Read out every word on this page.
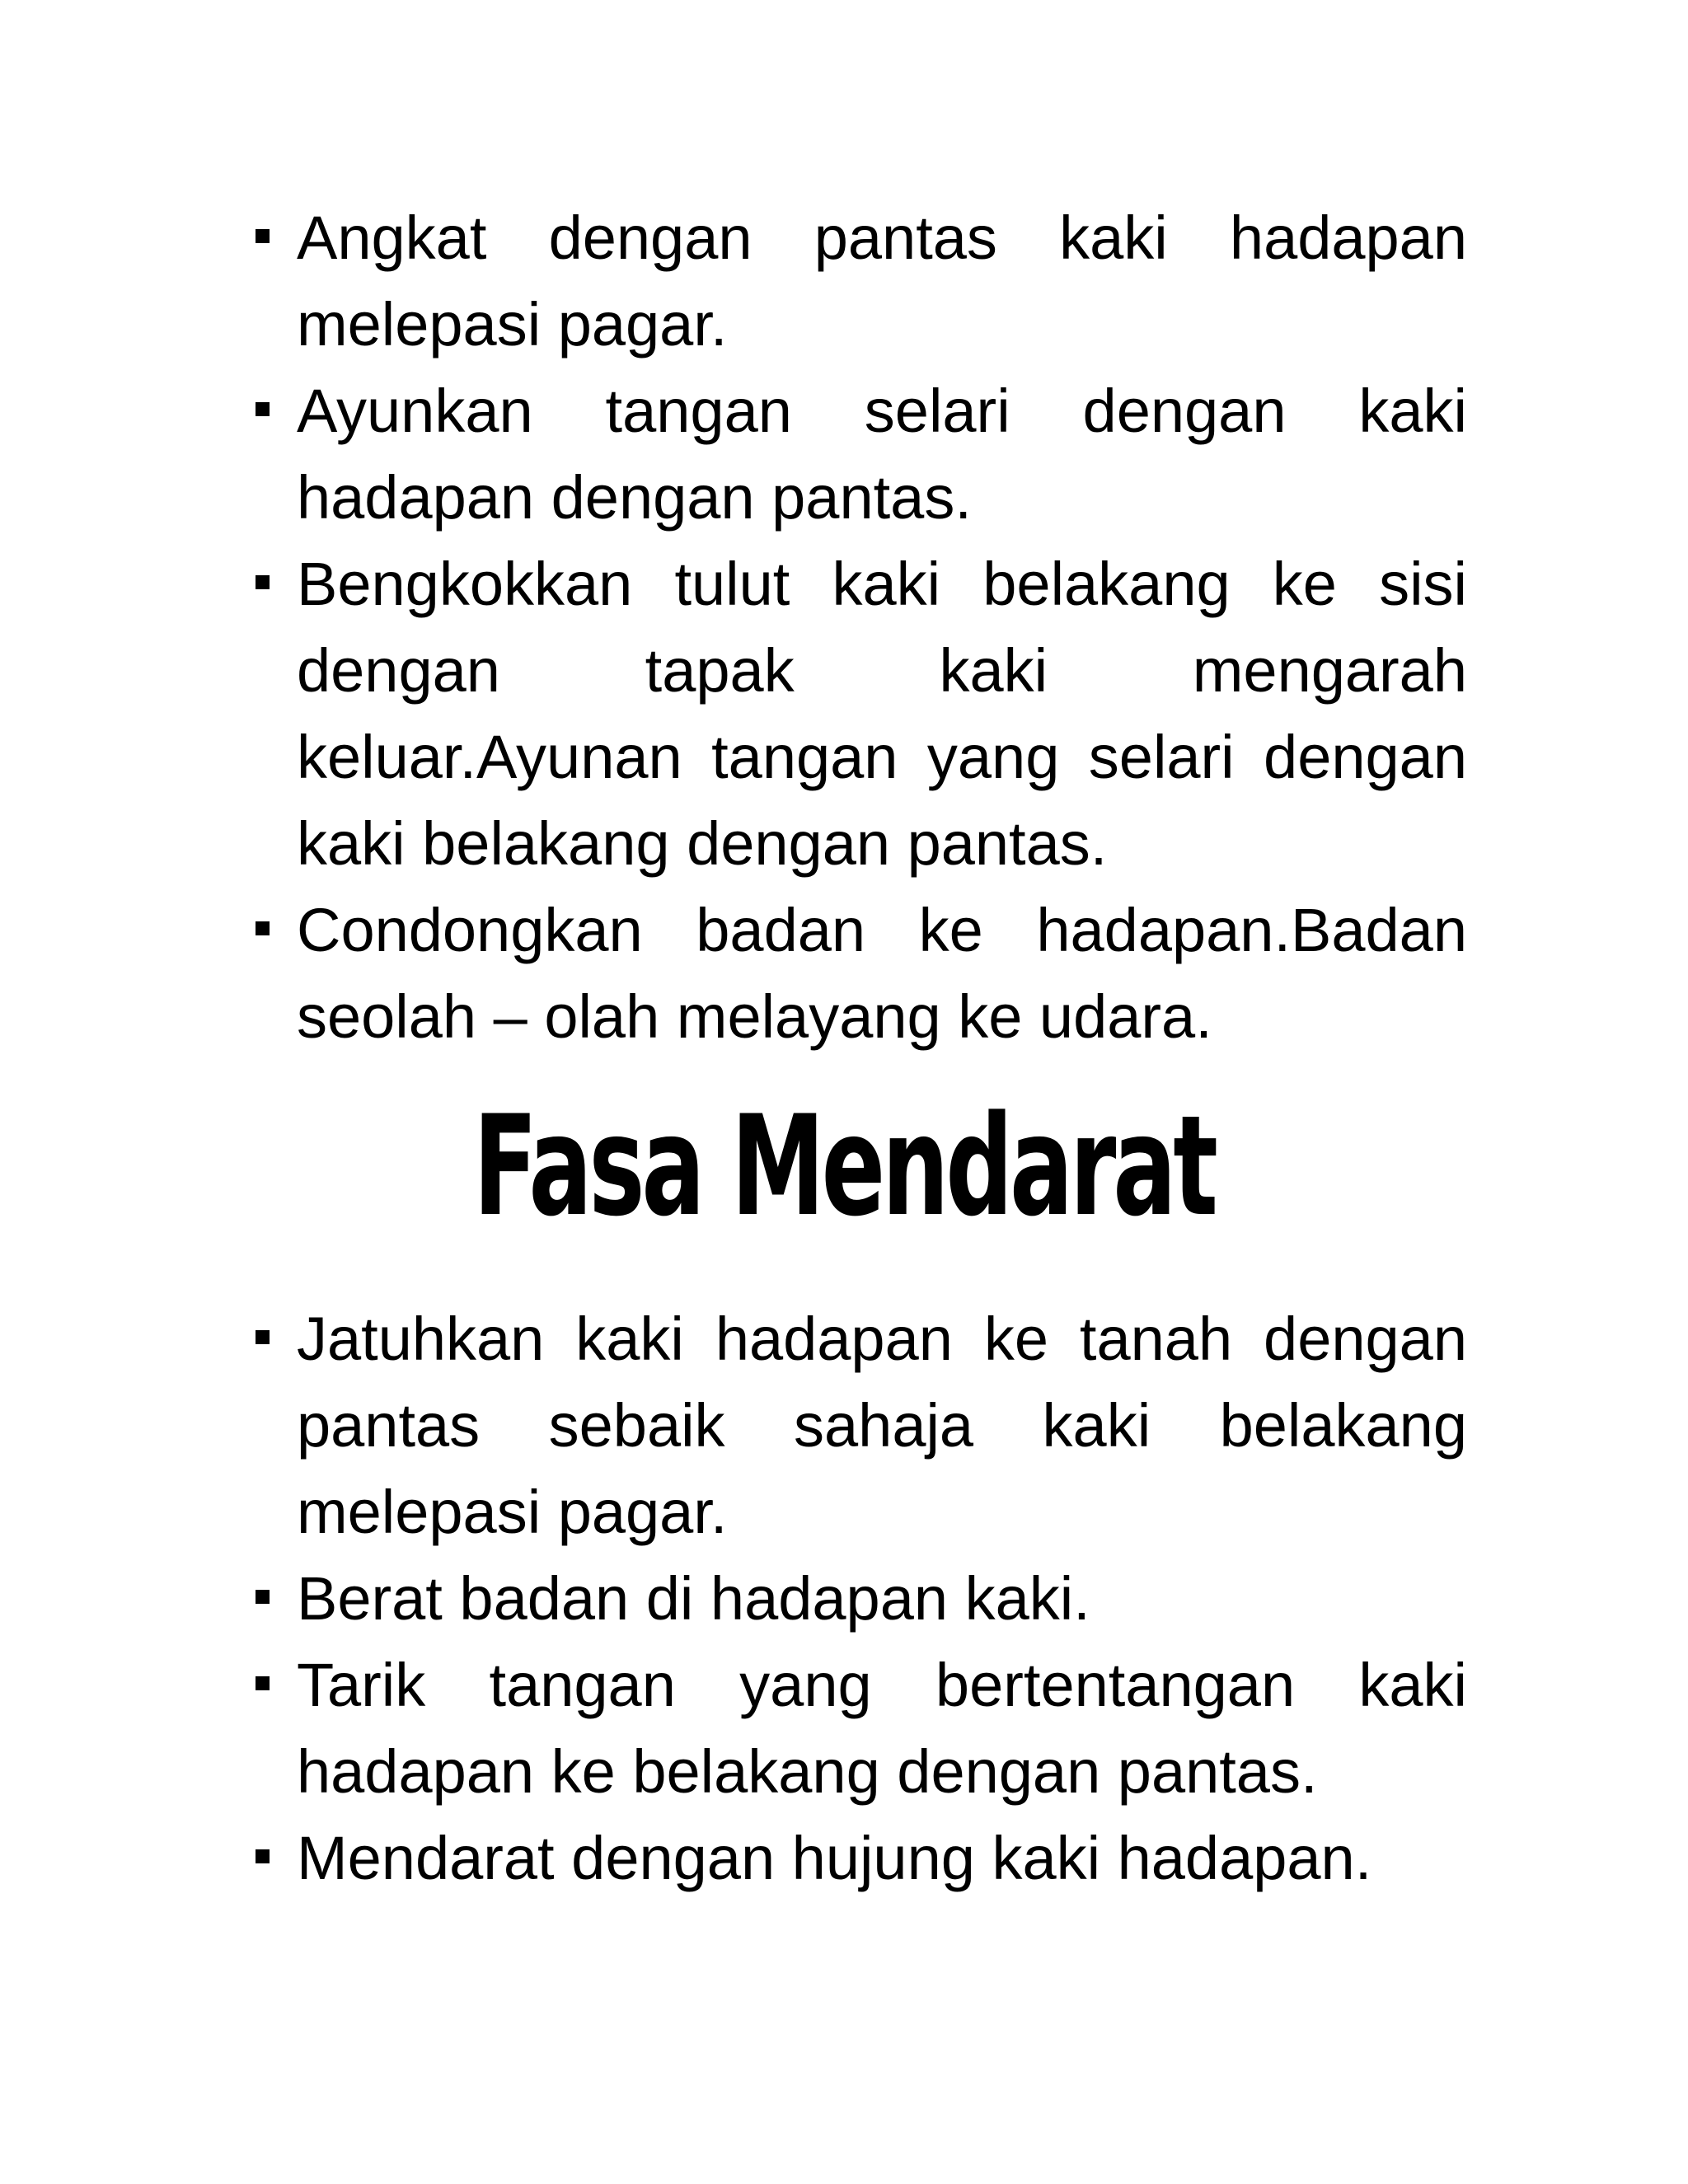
Angkat dengan pantas kaki hadapan melepasi pagar.
Ayunkan tangan selari dengan kaki hadapan dengan pantas.
Bengkokkan tulut kaki belakang ke sisi dengan tapak kaki mengarah keluar.Ayunan tangan yang selari dengan kaki belakang dengan pantas.
Condongkan badan ke hadapan.Badan seolah – olah melayang ke udara.
Fasa Mendarat
Jatuhkan kaki hadapan ke tanah dengan pantas sebaik sahaja kaki belakang melepasi pagar.
Berat badan di hadapan kaki.
Tarik tangan yang bertentangan kaki hadapan ke belakang dengan pantas.
Mendarat dengan hujung kaki hadapan.
